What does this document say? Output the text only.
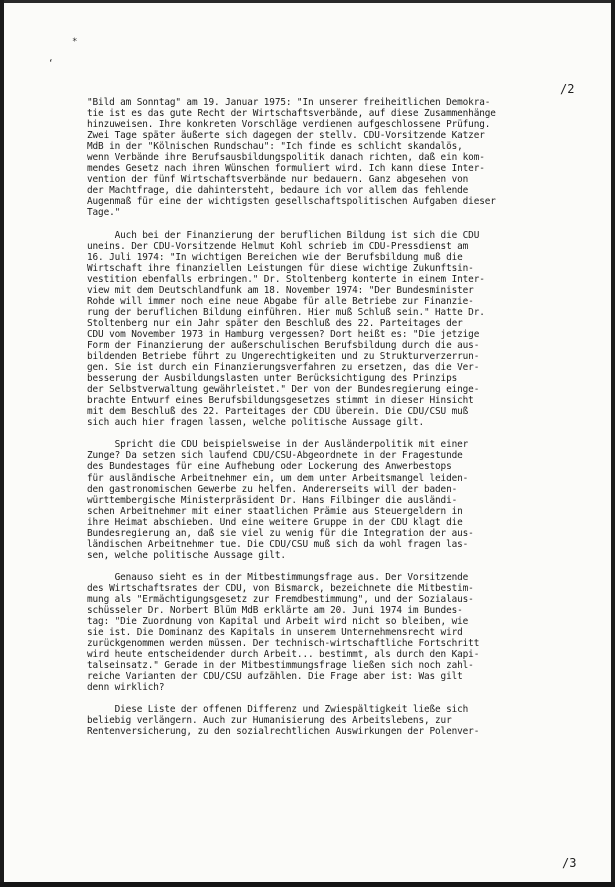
*
‘
/2
"Bild am Sonntag" am 19. Januar 1975: "In unserer freiheitlichen Demokra-
tie ist es das gute Recht der Wirtschaftsverbände, auf diese Zusammenhänge
hinzuweisen. Ihre konkreten Vorschläge verdienen aufgeschlossene Prüfung.
Zwei Tage später äußerte sich dagegen der stellv. CDU-Vorsitzende Katzer
MdB in der "Kölnischen Rundschau": "Ich finde es schlicht skandalös,
wenn Verbände ihre Berufsausbildungspolitik danach richten, daß ein kom-
mendes Gesetz nach ihren Wünschen formuliert wird. Ich kann diese Inter-
vention der fünf Wirtschaftsverbände nur bedauern. Ganz abgesehen von
der Machtfrage, die dahintersteht, bedaure ich vor allem das fehlende
Augenmaß für eine der wichtigsten gesellschaftspolitischen Aufgaben dieser
Tage."
Auch bei der Finanzierung der beruflichen Bildung ist sich die CDU
uneins. Der CDU-Vorsitzende Helmut Kohl schrieb im CDU-Pressdienst am
16. Juli 1974: "In wichtigen Bereichen wie der Berufsbildung muß die
Wirtschaft ihre finanziellen Leistungen für diese wichtige Zukunftsin-
vestition ebenfalls erbringen." Dr. Stoltenberg konterte in einem Inter-
view mit dem Deutschlandfunk am 18. November 1974: "Der Bundesminister
Rohde will immer noch eine neue Abgabe für alle Betriebe zur Finanzie-
rung der beruflichen Bildung einführen. Hier muß Schluß sein." Hatte Dr.
Stoltenberg nur ein Jahr später den Beschluß des 22. Parteitages der
CDU vom November 1973 in Hamburg vergessen? Dort heißt es: "Die jetzige
Form der Finanzierung der außerschulischen Berufsbildung durch die aus-
bildenden Betriebe führt zu Ungerechtigkeiten und zu Strukturverzerrun-
gen. Sie ist durch ein Finanzierungsverfahren zu ersetzen, das die Ver-
besserung der Ausbildungslasten unter Berücksichtigung des Prinzips
der Selbstverwaltung gewährleistet." Der von der Bundesregierung einge-
brachte Entwurf eines Berufsbildungsgesetzes stimmt in dieser Hinsicht
mit dem Beschluß des 22. Parteitages der CDU überein. Die CDU/CSU muß
sich auch hier fragen lassen, welche politische Aussage gilt.
Spricht die CDU beispielsweise in der Ausländerpolitik mit einer
Zunge? Da setzen sich laufend CDU/CSU-Abgeordnete in der Fragestunde
des Bundestages für eine Aufhebung oder Lockerung des Anwerbestops
für ausländische Arbeitnehmer ein, um dem unter Arbeitsmangel leiden-
den gastronomischen Gewerbe zu helfen. Andererseits will der baden-
württembergische Ministerpräsident Dr. Hans Filbinger die ausländi-
schen Arbeitnehmer mit einer staatlichen Prämie aus Steuergeldern in
ihre Heimat abschieben. Und eine weitere Gruppe in der CDU klagt die
Bundesregierung an, daß sie viel zu wenig für die Integration der aus-
ländischen Arbeitnehmer tue. Die CDU/CSU muß sich da wohl fragen las-
sen, welche politische Aussage gilt.
Genauso sieht es in der Mitbestimmungsfrage aus. Der Vorsitzende
des Wirtschaftsrates der CDU, von Bismarck, bezeichnete die Mitbestim-
mung als "Ermächtigungsgesetz zur Fremdbestimmung", und der Sozialaus-
schüsseler Dr. Norbert Blüm MdB erklärte am 20. Juni 1974 im Bundes-
tag: "Die Zuordnung von Kapital und Arbeit wird nicht so bleiben, wie
sie ist. Die Dominanz des Kapitals in unserem Unternehmensrecht wird
zurückgenommen werden müssen. Der technisch-wirtschaftliche Fortschritt
wird heute entscheidender durch Arbeit... bestimmt, als durch den Kapi-
talseinsatz." Gerade in der Mitbestimmungsfrage ließen sich noch zahl-
reiche Varianten der CDU/CSU aufzählen. Die Frage aber ist: Was gilt
denn wirklich?
Diese Liste der offenen Differenz und Zwiespältigkeit ließe sich
beliebig verlängern. Auch zur Humanisierung des Arbeitslebens, zur
Rentenversicherung, zu den sozialrechtlichen Auswirkungen der Polenver-
/3
